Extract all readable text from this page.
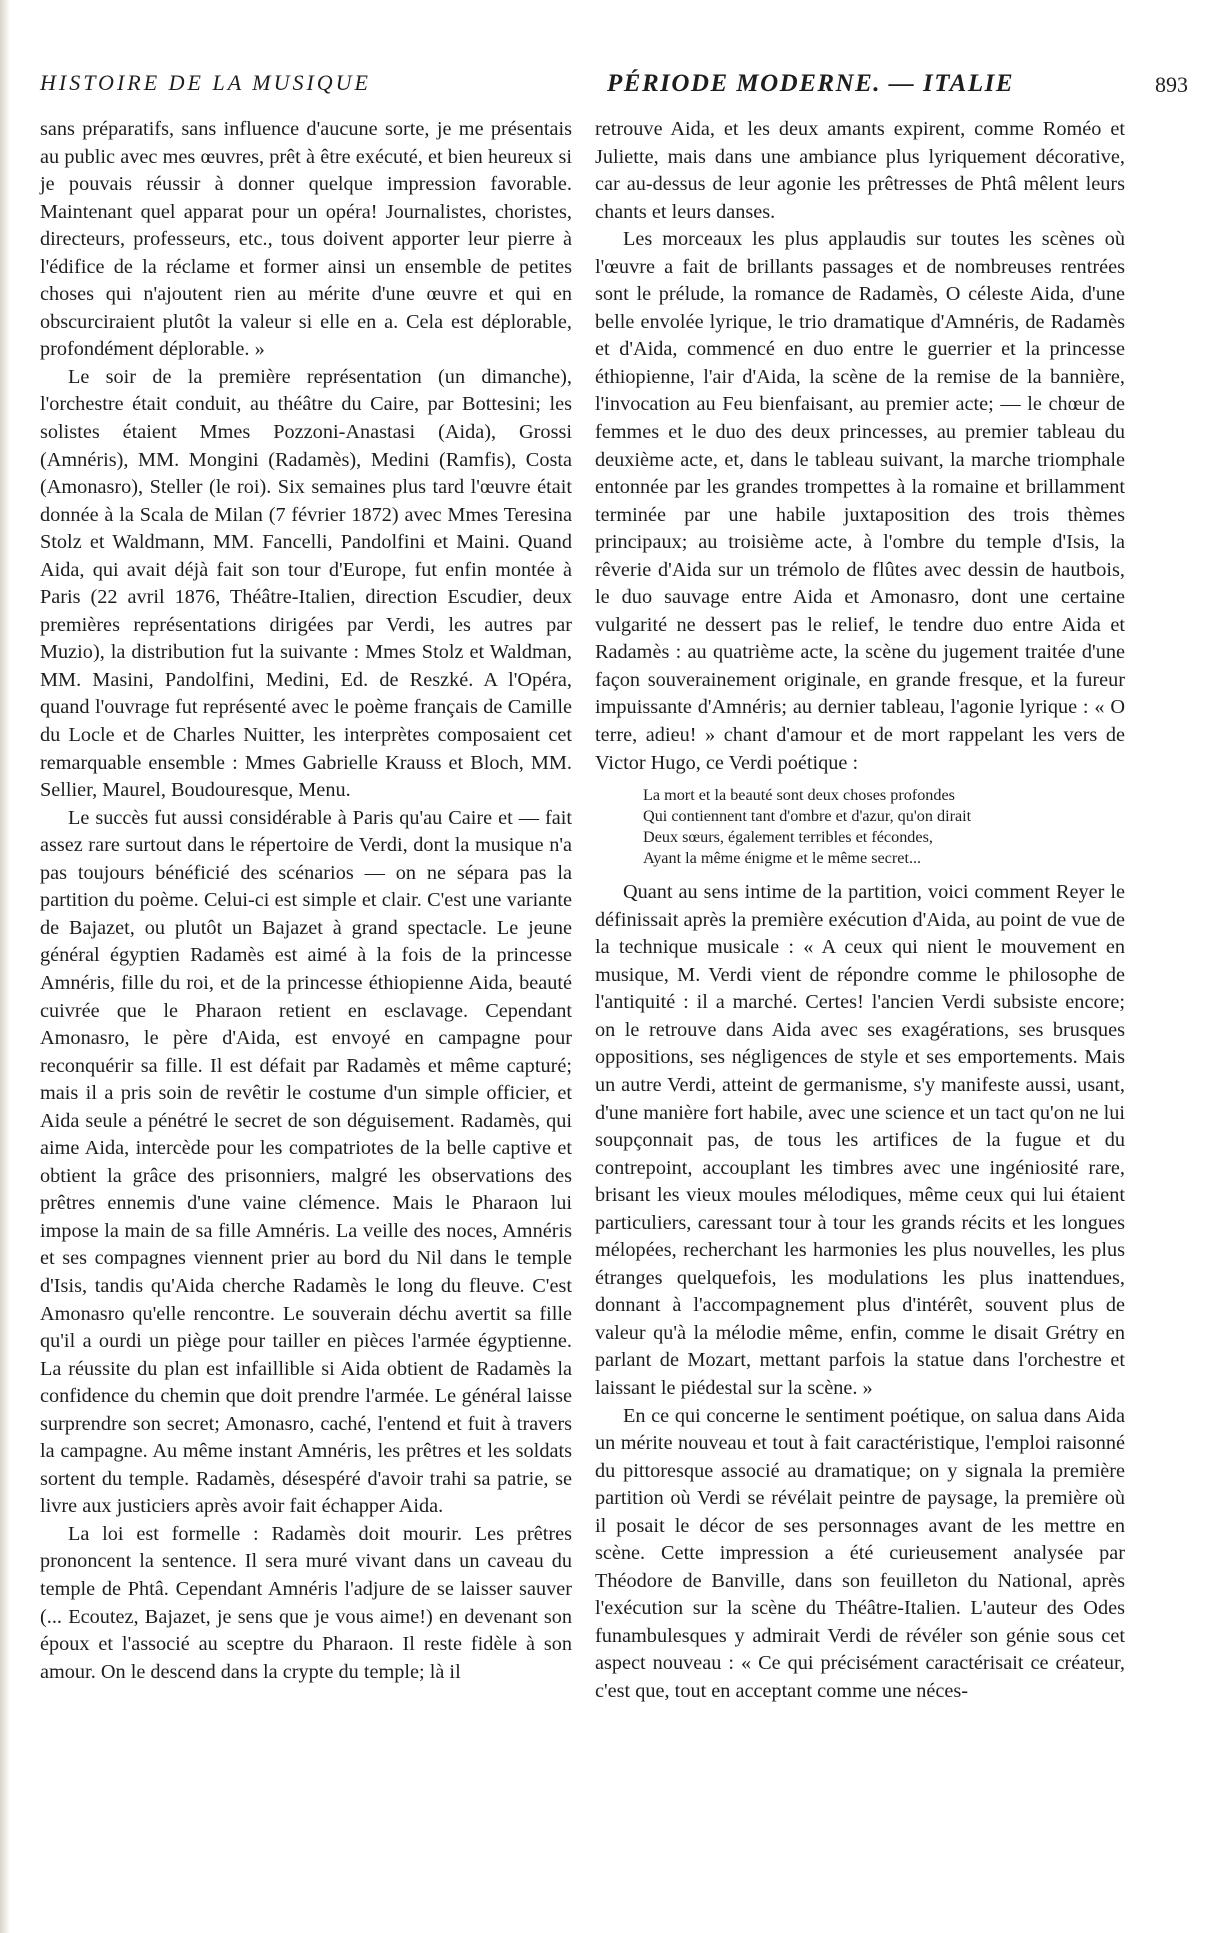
HISTOIRE DE LA MUSIQUE	PÉRIODE MODERNE. — ITALIE	893

sans préparatifs, sans influence d'aucune sorte, je me présentais au public avec mes œuvres, prêt à être exécuté, et bien heureux si je pouvais réussir à donner quelque impression favorable. Maintenant quel apparat pour un opéra! Journalistes, choristes, directeurs, professeurs, etc., tous doivent apporter leur pierre à l'édifice de la réclame et former ainsi un ensemble de petites choses qui n'ajoutent rien au mérite d'une œuvre et qui en obscurciraient plutôt la valeur si elle en a. Cela est déplorable, profondément déplorable. »

Le soir de la première représentation (un dimanche), l'orchestre était conduit, au théâtre du Caire, par Bottesini; les solistes étaient Mmes Pozzoni-Anastasi (Aida), Grossi (Amnéris), MM. Mongini (Radamès), Medini (Ramfis), Costa (Amonasro), Steller (le roi). Six semaines plus tard l'œuvre était donnée à la Scala de Milan (7 février 1872) avec Mmes Teresina Stolz et Waldmann, MM. Fancelli, Pandolfini et Maini. Quand Aida, qui avait déjà fait son tour d'Europe, fut enfin montée à Paris (22 avril 1876, Théâtre-Italien, direction Escudier, deux premières représentations dirigées par Verdi, les autres par Muzio), la distribution fut la suivante : Mmes Stolz et Waldman, MM. Masini, Pandolfini, Medini, Ed. de Reszké. A l'Opéra, quand l'ouvrage fut représenté avec le poème français de Camille du Locle et de Charles Nuitter, les interprètes composaient cet remarquable ensemble : Mmes Gabrielle Krauss et Bloch, MM. Sellier, Maurel, Boudouresque, Menu.

Le succès fut aussi considérable à Paris qu'au Caire et — fait assez rare surtout dans le répertoire de Verdi, dont la musique n'a pas toujours bénéficié des scénarios — on ne sépara pas la partition du poème. Celui-ci est simple et clair. C'est une variante de Bajazet, ou plutôt un Bajazet à grand spectacle. Le jeune général égyptien Radamès est aimé à la fois de la princesse Amnéris, fille du roi, et de la princesse éthiopienne Aida, beauté cuivrée que le Pharaon retient en esclavage. Cependant Amonasro, le père d'Aida, est envoyé en campagne pour reconquérir sa fille. Il est défait par Radamès et même capturé; mais il a pris soin de revêtir le costume d'un simple officier, et Aida seule a pénétré le secret de son déguisement. Radamès, qui aime Aida, intercède pour les compatriotes de la belle captive et obtient la grâce des prisonniers, malgré les observations des prêtres ennemis d'une vaine clémence. Mais le Pharaon lui impose la main de sa fille Amnéris. La veille des noces, Amnéris et ses compagnes viennent prier au bord du Nil dans le temple d'Isis, tandis qu'Aida cherche Radamès le long du fleuve. C'est Amonasro qu'elle rencontre. Le souverain déchu avertit sa fille qu'il a ourdi un piège pour tailler en pièces l'armée égyptienne. La réussite du plan est infaillible si Aida obtient de Radamès la confidence du chemin que doit prendre l'armée. Le général laisse surprendre son secret; Amonasro, caché, l'entend et fuit à travers la campagne. Au même instant Amnéris, les prêtres et les soldats sortent du temple. Radamès, désespéré d'avoir trahi sa patrie, se livre aux justiciers après avoir fait échapper Aida.

La loi est formelle : Radamès doit mourir. Les prêtres prononcent la sentence. Il sera muré vivant dans un caveau du temple de Phtâ. Cependant Amnéris l'adjure de se laisser sauver (... Ecoutez, Bajazet, je sens que je vous aime!) en devenant son époux et l'associé au sceptre du Pharaon. Il reste fidèle à son amour. On le descend dans la crypte du temple; là il

retrouve Aida, et les deux amants expirent, comme Roméo et Juliette, mais dans une ambiance plus lyriquement décorative, car au-dessus de leur agonie les prêtresses de Phtâ mêlent leurs chants et leurs danses.

Les morceaux les plus applaudis sur toutes les scènes où l'œuvre a fait de brillants passages et de nombreuses rentrées sont le prélude, la romance de Radamès, O céleste Aida, d'une belle envolée lyrique, le trio dramatique d'Amnéris, de Radamès et d'Aida, commencé en duo entre le guerrier et la princesse éthiopienne, l'air d'Aida, la scène de la remise de la bannière, l'invocation au Feu bienfaisant, au premier acte; — le chœur de femmes et le duo des deux princesses, au premier tableau du deuxième acte, et, dans le tableau suivant, la marche triomphale entonnée par les grandes trompettes à la romaine et brillamment terminée par une habile juxtaposition des trois thèmes principaux; au troisième acte, à l'ombre du temple d'Isis, la rêverie d'Aida sur un trémolo de flûtes avec dessin de hautbois, le duo sauvage entre Aida et Amonasro, dont une certaine vulgarité ne dessert pas le relief, le tendre duo entre Aida et Radamès : au quatrième acte, la scène du jugement traitée d'une façon souverainement originale, en grande fresque, et la fureur impuissante d'Amnéris; au dernier tableau, l'agonie lyrique : « O terre, adieu! » chant d'amour et de mort rappelant les vers de Victor Hugo, ce Verdi poétique :

La mort et la beauté sont deux choses profondes
Qui contiennent tant d'ombre et d'azur, qu'on dirait
Deux sœurs, également terribles et fécondes,
Ayant la même énigme et le même secret...

Quant au sens intime de la partition, voici comment Reyer le définissait après la première exécution d'Aida, au point de vue de la technique musicale : « A ceux qui nient le mouvement en musique, M. Verdi vient de répondre comme le philosophe de l'antiquité : il a marché. Certes! l'ancien Verdi subsiste encore; on le retrouve dans Aida avec ses exagérations, ses brusques oppositions, ses négligences de style et ses emportements. Mais un autre Verdi, atteint de germanisme, s'y manifeste aussi, usant, d'une manière fort habile, avec une science et un tact qu'on ne lui soupçonnait pas, de tous les artifices de la fugue et du contrepoint, accouplant les timbres avec une ingéniosité rare, brisant les vieux moules mélodiques, même ceux qui lui étaient particuliers, caressant tour à tour les grands récits et les longues mélopées, recherchant les harmonies les plus nouvelles, les plus étranges quelquefois, les modulations les plus inattendues, donnant à l'accompagnement plus d'intérêt, souvent plus de valeur qu'à la mélodie même, enfin, comme le disait Grétry en parlant de Mozart, mettant parfois la statue dans l'orchestre et laissant le piédestal sur la scène. »

En ce qui concerne le sentiment poétique, on salua dans Aida un mérite nouveau et tout à fait caractéristique, l'emploi raisonné du pittoresque associé au dramatique; on y signala la première partition où Verdi se révélait peintre de paysage, la première où il posait le décor de ses personnages avant de les mettre en scène. Cette impression a été curieusement analysée par Théodore de Banville, dans son feuilleton du National, après l'exécution sur la scène du Théâtre-Italien. L'auteur des Odes funambulesques y admirait Verdi de révéler son génie sous cet aspect nouveau : « Ce qui précisément caractérisait ce créateur, c'est que, tout en acceptant comme une néces-
